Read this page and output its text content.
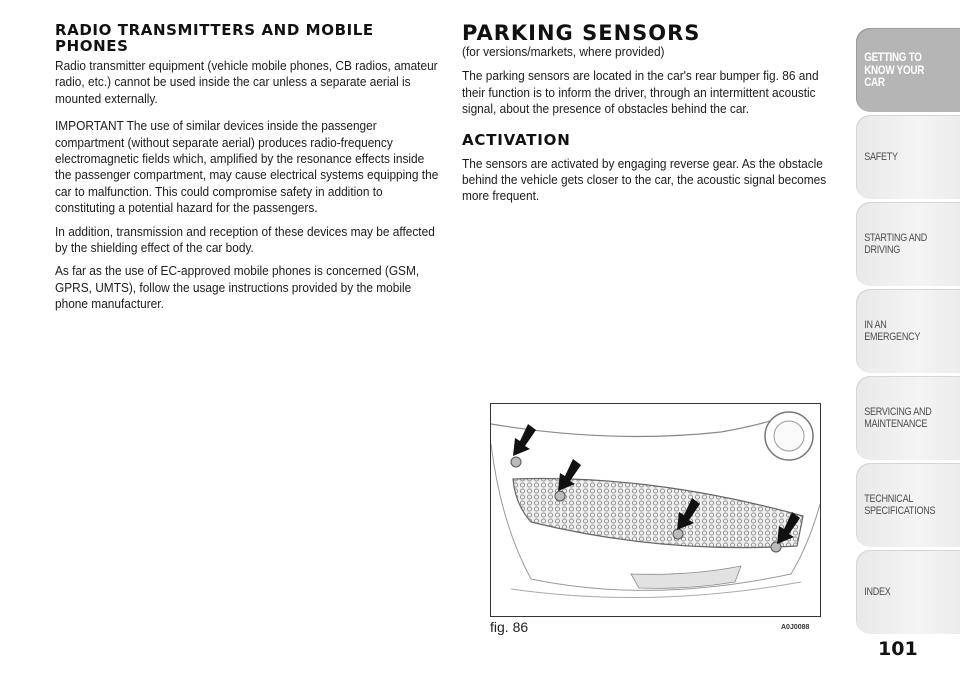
RADIO TRANSMITTERS AND MOBILE PHONES

Radio transmitter equipment (vehicle mobile phones, CB radios, amateur radio, etc.) cannot be used inside the car unless a separate aerial is mounted externally.

IMPORTANT The use of similar devices inside the passenger compartment (without separate aerial) produces radio-frequency electromagnetic fields which, amplified by the resonance effects inside the passenger compartment, may cause electrical systems equipping the car to malfunction. This could compromise safety in addition to constituting a potential hazard for the passengers.

In addition, transmission and reception of these devices may be affected by the shielding effect of the car body.

As far as the use of EC-approved mobile phones is concerned (GSM, GPRS, UMTS), follow the usage instructions provided by the mobile phone manufacturer.

PARKING SENSORS

(for versions/markets, where provided)

The parking sensors are located in the car's rear bumper fig. 86 and their function is to inform the driver, through an intermittent acoustic signal, about the presence of obstacles behind the car.

ACTIVATION

The sensors are activated by engaging reverse gear. As the obstacle behind the vehicle gets closer to the car, the acoustic signal becomes more frequent.

fig. 86	A0J0088
GETTING TO KNOW YOUR CAR
SAFETY
STARTING AND DRIVING
IN AN EMERGENCY
SERVICING AND MAINTENANCE
TECHNICAL SPECIFICATIONS
INDEX
101
